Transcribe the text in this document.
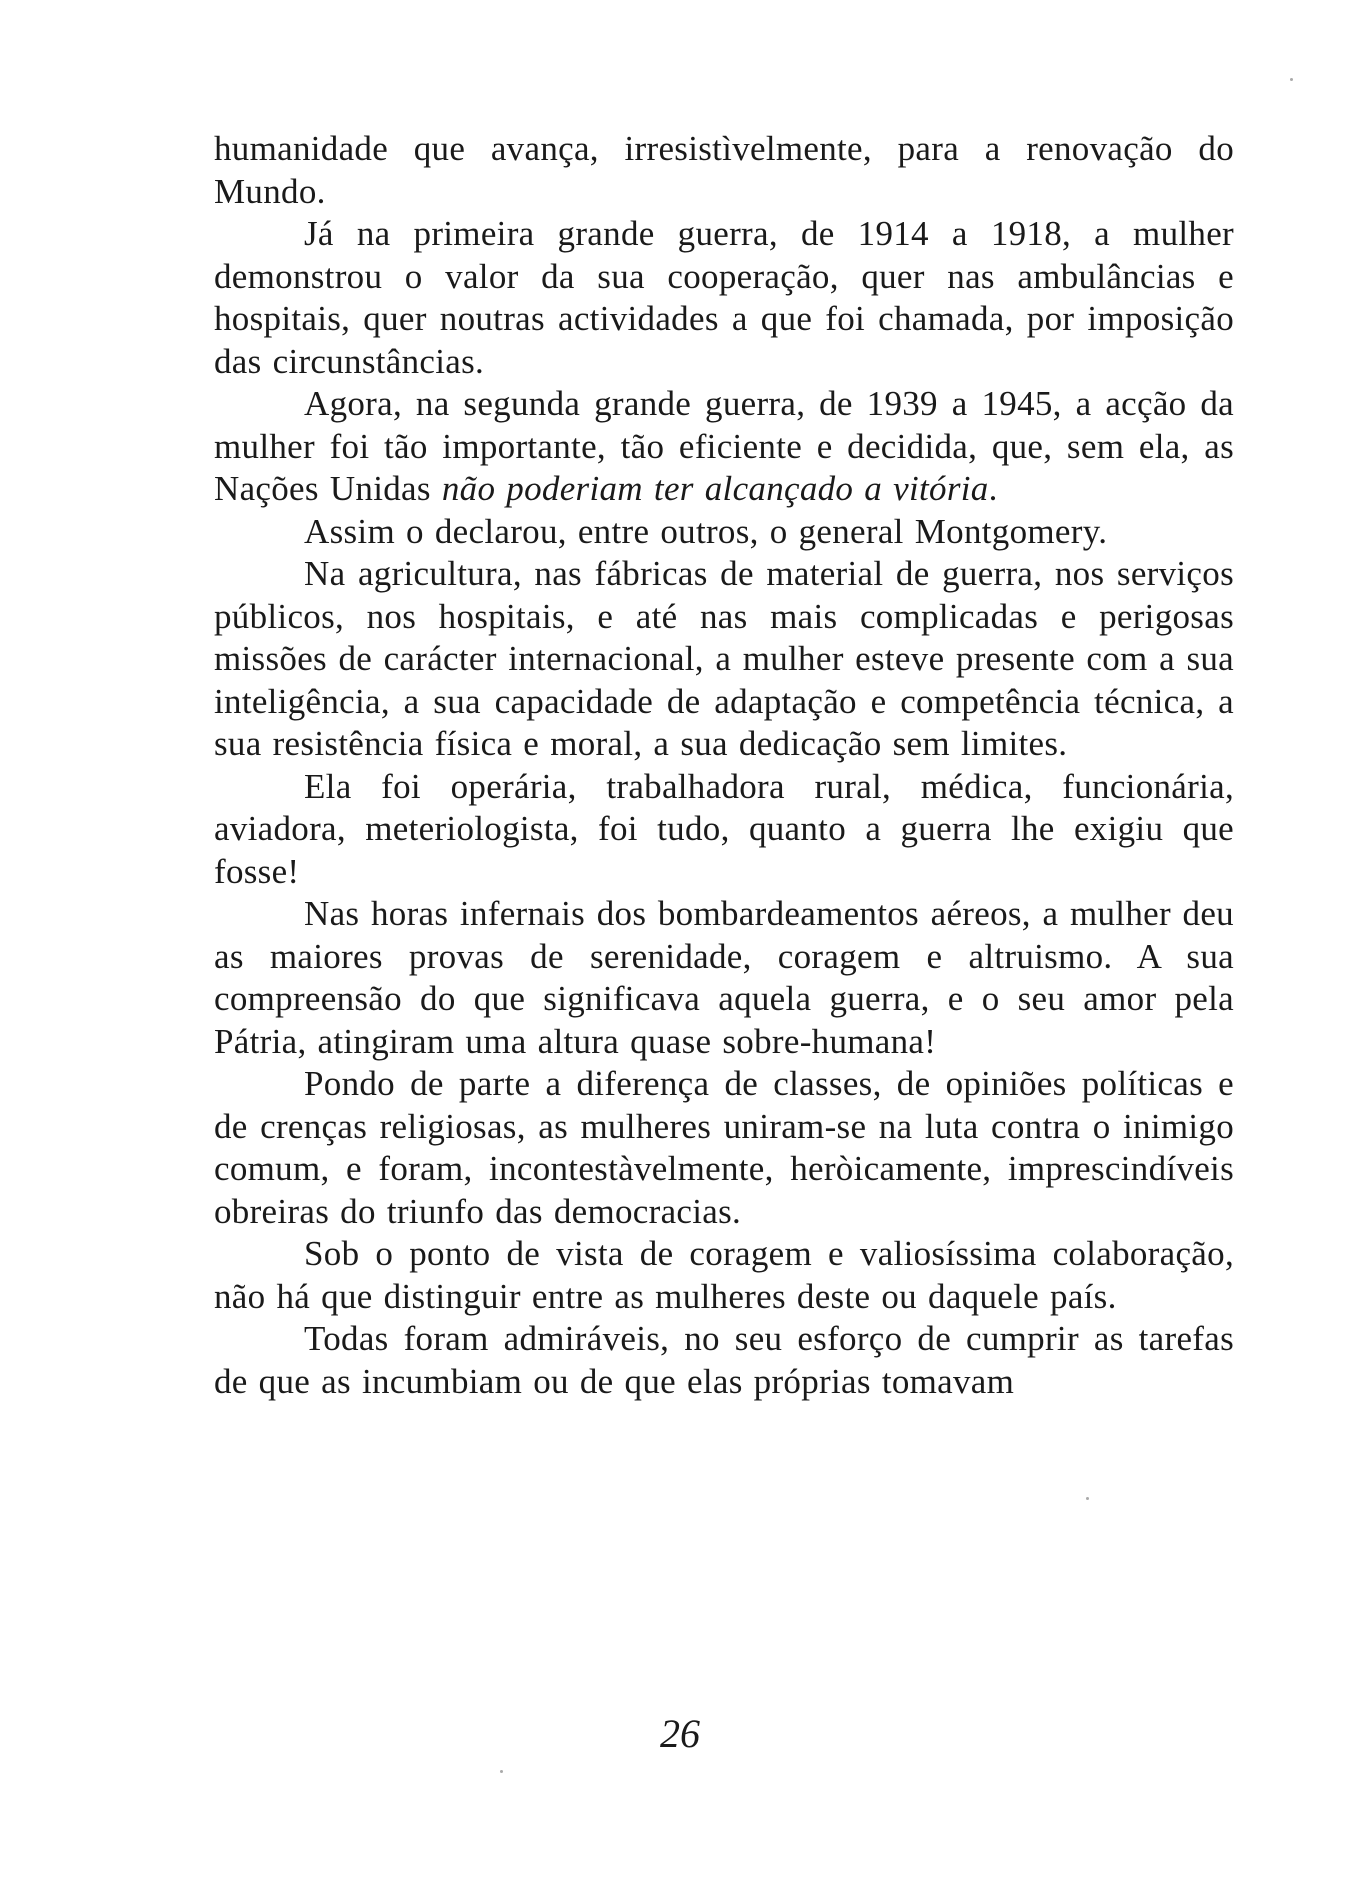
humanidade que avança, irresistìvelmente, para a renovação do Mundo.

Já na primeira grande guerra, de 1914 a 1918, a mulher demonstrou o valor da sua cooperação, quer nas ambulâncias e hospitais, quer noutras actividades a que foi chamada, por imposição das circunstâncias.

Agora, na segunda grande guerra, de 1939 a 1945, a acção da mulher foi tão importante, tão eficiente e decidida, que, sem ela, as Nações Unidas não poderiam ter alcançado a vitória.

Assim o declarou, entre outros, o general Montgomery.

Na agricultura, nas fábricas de material de guerra, nos serviços públicos, nos hospitais, e até nas mais complicadas e perigosas missões de carácter internacional, a mulher esteve presente com a sua inteligência, a sua capacidade de adaptação e competência técnica, a sua resistência física e moral, a sua dedicação sem limites.

Ela foi operária, trabalhadora rural, médica, funcionária, aviadora, meteriologista, foi tudo, quanto a guerra lhe exigiu que fosse!

Nas horas infernais dos bombardeamentos aéreos, a mulher deu as maiores provas de serenidade, coragem e altruismo. A sua compreensão do que significava aquela guerra, e o seu amor pela Pátria, atingiram uma altura quase sobre-humana!

Pondo de parte a diferença de classes, de opiniões políticas e de crenças religiosas, as mulheres uniram-se na luta contra o inimigo comum, e foram, incontestàvelmente, heròicamente, imprescindíveis obreiras do triunfo das democracias.

Sob o ponto de vista de coragem e valiosíssima colaboração, não há que distinguir entre as mulheres deste ou daquele país.

Todas foram admiráveis, no seu esforço de cumprir as tarefas de que as incumbiam ou de que elas próprias tomavam

26
